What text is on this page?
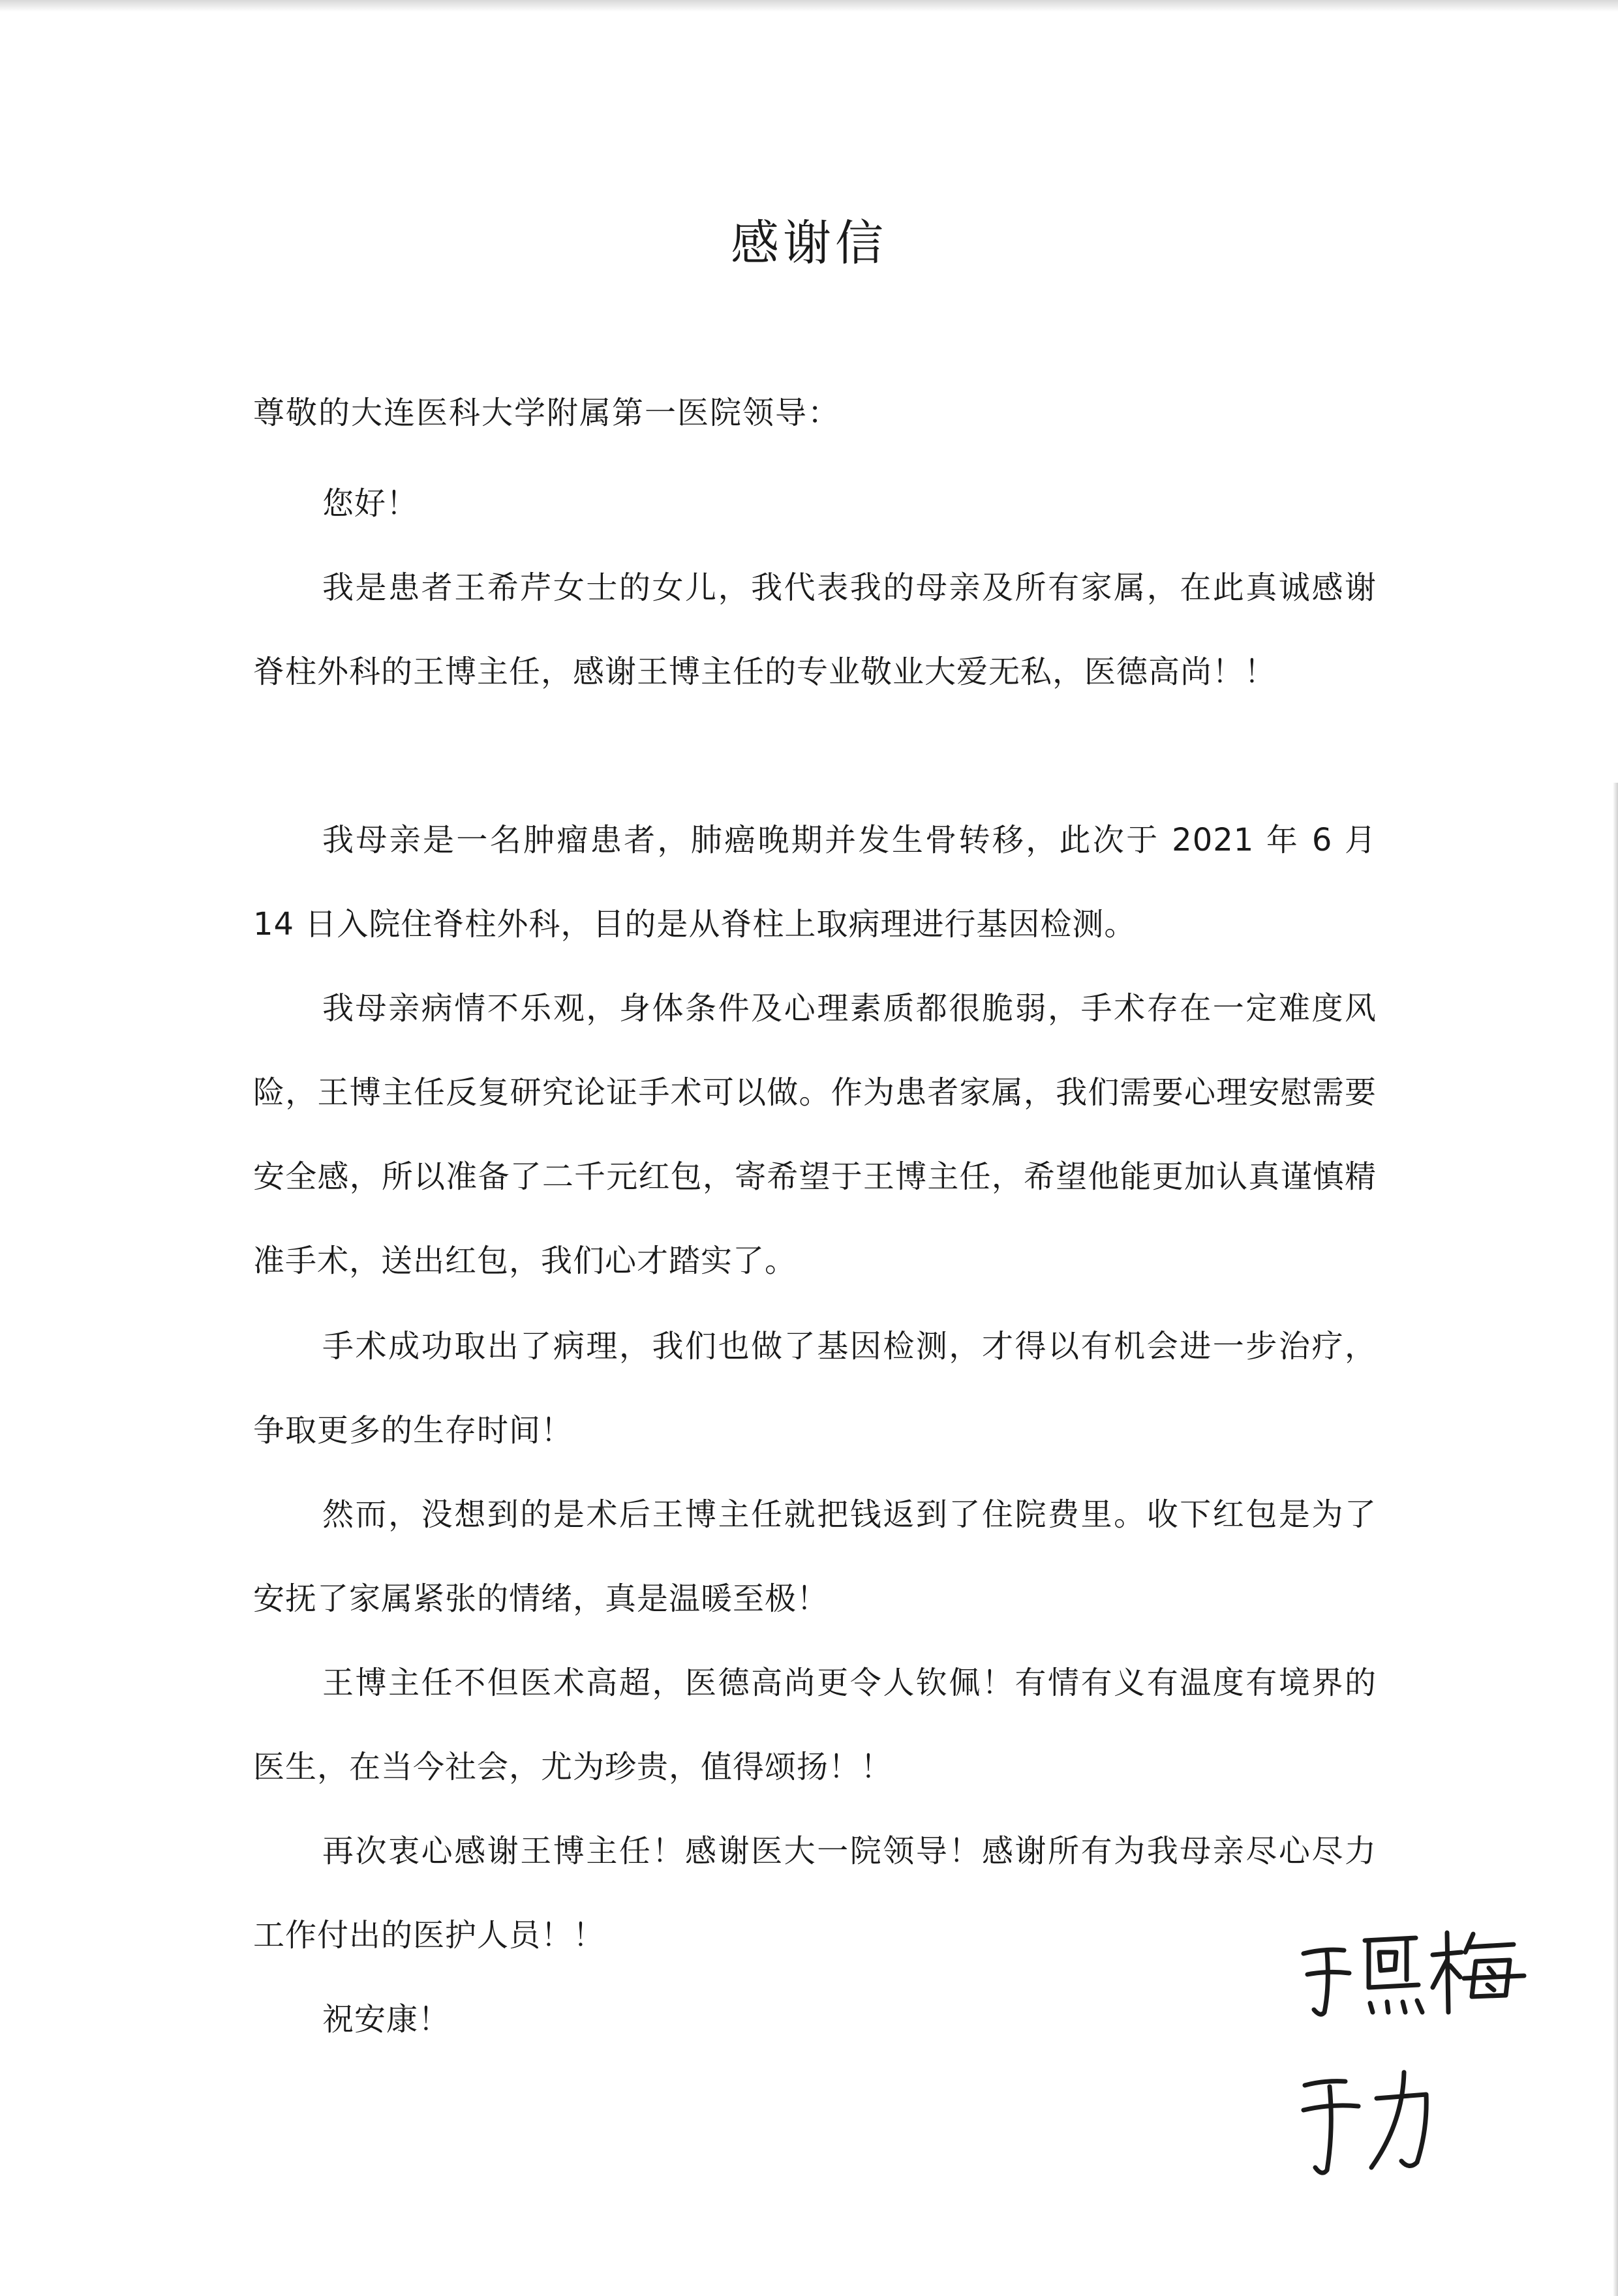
感谢信
尊敬的大连医科大学附属第一医院领导：

您好！

我是患者王希芹女士的女儿，我代表我的母亲及所有家属，在此真诚感谢脊柱外科的王博主任，感谢王博主任的专业敬业大爱无私，医德高尚！！

我母亲是一名肿瘤患者，肺癌晚期并发生骨转移，此次于 2021 年 6 月 14 日入院住脊柱外科，目的是从脊柱上取病理进行基因检测。

我母亲病情不乐观，身体条件及心理素质都很脆弱，手术存在一定难度风险，王博主任反复研究论证手术可以做。作为患者家属，我们需要心理安慰需要安全感，所以准备了二千元红包，寄希望于王博主任，希望他能更加认真谨慎精准手术，送出红包，我们心才踏实了。

手术成功取出了病理，我们也做了基因检测，才得以有机会进一步治疗，争取更多的生存时间！

然而，没想到的是术后王博主任就把钱返到了住院费里。收下红包是为了安抚了家属紧张的情绪，真是温暖至极！

王博主任不但医术高超，医德高尚更令人钦佩！有情有义有温度有境界的医生，在当今社会，尤为珍贵，值得颂扬！！

再次衷心感谢王博主任！感谢医大一院领导！感谢所有为我母亲尽心尽力工作付出的医护人员！！

祝安康！
